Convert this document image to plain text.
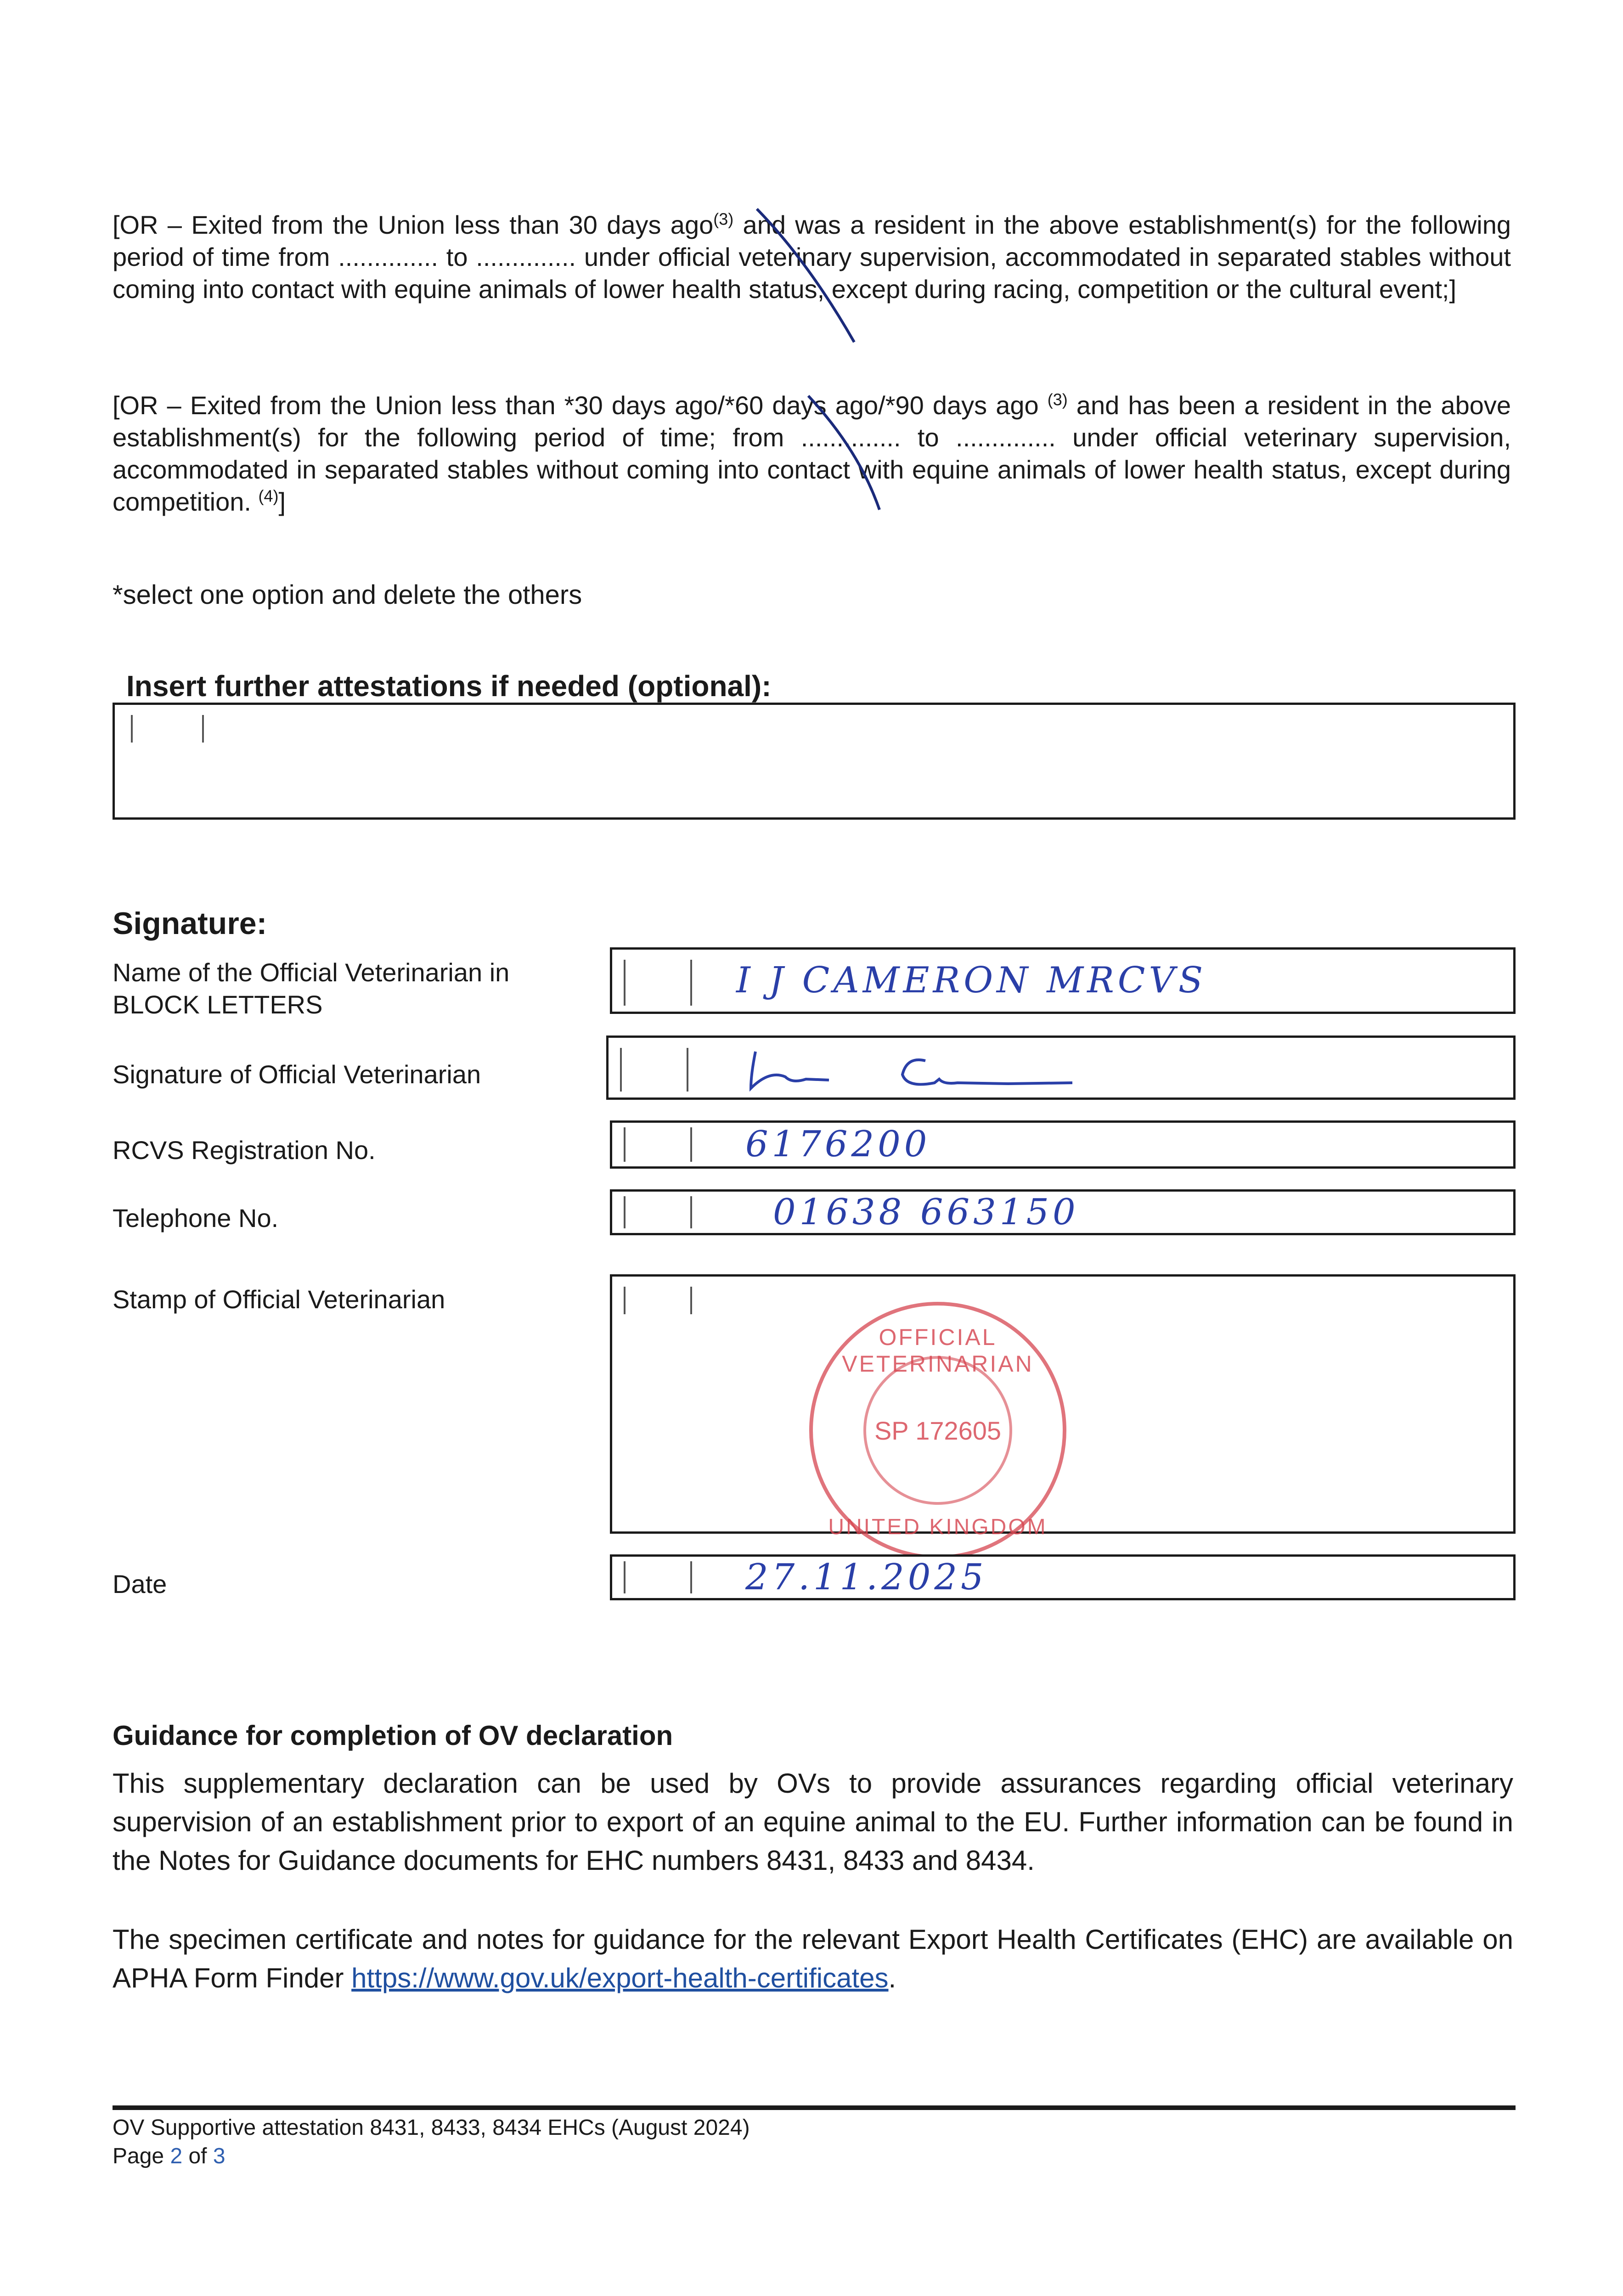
[OR – Exited from the Union less than 30 days ago$^{(3)}$ and was a resident in the above establishment(s) for the following period of time from .............. to .............. under official veterinary supervision, accommodated in separated stables without coming into contact with equine animals of lower health status, except during racing, competition or the cultural event;]

[OR – Exited from the Union less than *30 days ago/*60 days ago/*90 days ago $^{(3)}$ and has been a resident in the above establishment(s) for the following period of time; from .............. to .............. under official veterinary supervision, accommodated in separated stables without coming into contact with equine animals of lower health status, except during competition. $^{(4)}$]

*select one option and delete the others
Insert further attestations if needed (optional):
Signature:
Name of the Official Veterinarian in BLOCK LETTERS
I J CAMERON MRCVS
Signature of Official Veterinarian
RCVS Registration No.	6176200
Telephone No.	01638 663150
Stamp of Official Veterinarian
OFFICIAL VETERINARIAN
SP 172605
UNITED KINGDOM
Date	27.11.2025
Guidance for completion of OV declaration

This supplementary declaration can be used by OVs to provide assurances regarding official veterinary supervision of an establishment prior to export of an equine animal to the EU. Further information can be found in the Notes for Guidance documents for EHC numbers 8431, 8433 and 8434.

The specimen certificate and notes for guidance for the relevant Export Health Certificates (EHC) are available on APHA Form Finder https://www.gov.uk/export-health-certificates.

OV Supportive attestation 8431, 8433, 8434 EHCs (August 2024)
Page 2 of 3
